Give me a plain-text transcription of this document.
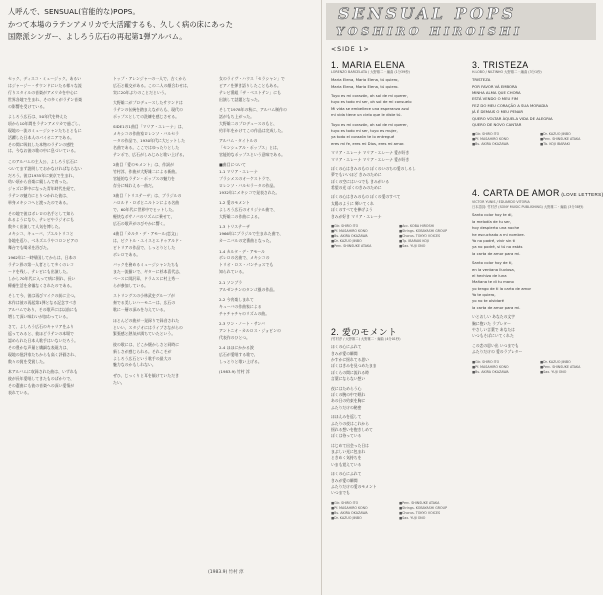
人呼んで、SENSUAL(官能的な)POPS。
かつて本場のラテンアメリカで大活躍するも、久しく病の床にあった
国際派シンガー、よしろう広石の再起第1弾アルバム。
セック、ディスコ・ミュージック。あるい
はジャージー・サウンドにいたる様々な流
行りスタイルの音楽がアメリカを中心に
世界各地で生まれ、その多くがラテン音楽
の影響を受けている。
よしろう広石は、50年代を終えた
頃から10年間をラテンアメリカで過ごし、
現地の一流のミュージシャンたちとともに
活躍した日本人のパイオニアである。
その間に吸収した本物のラテンの感性
は、今なお彼の歌の中に息づいている。
このアルバムの主人公、よしろう広石に
ついてまず説明しておかなければならない
だろう。彼は1935年に東京で生まれ、
幼い頃から音楽に親しんで育った。
ジャズに夢中になった青年時代を経て、
ラテンの魅力にとりつかれた彼は、
単身メキシコへと渡ったのである。
その地で彼はボレロの名手として知ら
れるようになり、テレビやラジオにも
数多く出演して人気を博した。
メキシコ、キューバ、プエルトリコと
各地を巡り、ベネズエラやコロンビアの
舞台でも喝采を浴びた。
1962年に一時帰国してからは、日本の
ラテン界の第一人者として多くのレコ
ードを残し、テレビにも出演した。
しかし70年代に入って病に倒れ、長い
療養生活を余儀なくされたのである。
そして今、彼は再びマイクの前に立つ。
本作は彼の再起第1弾となる記念すべき
アルバムであり、その歌声には以前にも
増して深い味わいが加わっている。
さて、よしろう広石のキャリアをふり
返ってみると、彼ほどラテンの本場で
認められた日本人歌手はいないだろう。
その豊かな声量と繊細な表現力は、
現地の批評家たちからも高く評価され、
数々の賞を受賞した。
本アルバムに収録された曲は、いずれも
彼が長年愛唱してきたものばかりで、
その選曲にも彼の音楽への深い愛情が
表れている。
トップ・アレンジャーの一人で、古くから
広石と親交がある。この二人の顔合わせは、
実に20年ぶりのことだという。
大野雄二がプロデュースしたサウンドは
ラテンの伝統を踏まえながらも、現代の
ポップスとしての洗練を感じさせる。
SIDE1の1曲目「マリア・エレーナ」は、
メキシコの作曲家ロレンソ・バルセラ
ータの作品で、1930年代に大ヒットした
名曲である。ここではゆったりとした
テンポで、広石がしみじみと歌い上げる。
2曲目「愛のモメント」は、作詞が
竹村淳、作曲が大野雄二による新曲。
官能的なラテン・ポップスの魅力を
存分に味わえる一曲だ。
3曲目「トリステーザ」は、ブラジルの
ハロルド・ロボとニルトンによる名曲
で、60年代に世界中でヒットした。
軽快なボサノバのリズムに乗せて、
広石の歌声がのびやかに響く。
4曲目「カルタ・デ・アモール(恋文)」
は、ビクトル・ユイスとエドゥアルド・
ビトリアの作品で、しっとりとした
ボレロである。
バックを務めるミュージシャンたちも
また一流揃いで、ギターに杉本喜代志、
ベースに岡沢章、ドラムスに村上秀一
らが参加している。
ストリングスの小林武史グループが
奏でる美しいハーモニーは、広石の
歌に一層の深みを与えている。
ほとんどの曲が一発録りで録音された
といい、スタジオにはライブさながらの
緊張感と熱気が満ちていたという。
彼の歌には、どこか懐かしさと同時に
新しさが感じられる。それこそが
よしろう広石という歌手の最大の
魅力なのかもしれない。
ぜひ、じっくりと耳を傾けていただき
たい。
女のライヴ・ハウス「セラシャン」で
ピアノを弾き語りしたこともある。
テレビ番組「ザ・ベストテン」にも
出演して話題となった。
そして1978年の秋に、アルバム制作の
話がもち上がった。
大野雄二のプロデュースのもと、
約半年をかけてこの作品は完成した。
アルバム・タイトルの
「センシュアル・ポップス」とは、
官能的なポップスという意味である。
■曲目について
1-1 マリア・エレーナ
プラシメスのオーケストラで、
ロレンソ・バルセラータの作品。
1932年にメキシコで発表された。
1-2 愛のモメント
よしろう広石のオリジナル曲で、
大野雄二の作曲による。
1-3 トリステーザ
1966年にブラジルで生まれた曲で、
カーニバルの定番曲となった。
1-4 カルタ・デ・アモール
ボレロの名曲で、メキシコの
トリオ・ロス・パンチョスでも
知られている。
2-1 ソンブラ
アルゼンチンのタンゴ風の作品。
2-2 今宵楽しまれて
キューバの作曲家による
チャチャチャのリズムの曲。
2-3 ワン・ノート・サンバ
アントニオ・カルロス・ジョビンの
代表作のひとつ。
2-4 ほほにかかる涙
広石が愛唱する歌で、
しっとりと歌い上げる。
(1983.9) 竹村 淳
(1983.9) 竹村 淳
SENSUAL POPS
YOSHIRO HIROISHI
<SIDE 1>
1. MARIA ELENA
LORENZO BARCELATA / 大野雄二・編曲 (1分39秒)
Maria Elena, Maria Elena, tú quiero,
Maria Elena, Maria Elena, tú quiero.
Tuyo es mi corazón, oh sol de mi querer,
tuyo es todo mi ser, oh sol de mi consuelo
Mi vida se embellece una esperanza azul
mi vida tiene un cielo que le diste tú.
Tuyo es mi corazón, oh sol de mi querer,
tuyo es todo mi ser, tuyo es mujer,
ya todo el corazón te lo entregué
eres mi fe, eres mi Dios, eres mi amor.
マリア・エレーナ マリア・エレーナ 愛が好き
マリア・エレーナ マリア・エレーナ 愛が好き
ぼくの心はきみのもの ぼくのいのちの愛のしるし
夢でもいいほど きみのために
ぼくの空にはいつでも きみがいる
希望の光 ぼくのきみのために
ぼくの心はきみのもの ぼくの愛のすべて
太陽のように 輝いてくれ
ぼくのすべてを捧げよう
きみが好き マリア・エレーナ
■Gtr. SHIRO ITO
■Pf. MASAHIRO KONO
■Bs. AKIRA OKAZAWA
■Dr. KAZUO JINBO
■Perc. SHINSUKE ATAKA
■Acc. KOBA HIROSHI
■Strings. KOBAYASHI GROUP
■Chorus. TOKYO VOICES
■Tp. IBARAKI KOJI
■Sax. YUJI ONO
2. 愛のモメント
(竹村淳 / 大野雄二) 大野雄二・編曲 (4分01秒)
ほくの心にふれて
きみが愛の瞬間
かすかに揺れてる思い
ぼくはきみを見つめたまま
ぼくらの間に流れる時
言葉にならない想い
夜にはためらう心
ぼくの腕の中で眠れ
あの日の約束を胸に
ふたりだけの秘密
ほほえみを返して
ふたりの夜はこれから
揺れる想いを抱きしめて
ぼくは待っている
はじめて出会った日は
まぶしい光に包まれ
ときめく気持ちを
いまも覚えている
ほくの心にふれて
きみが愛の瞬間
ふたりだけの愛のモメント
いつまでも
■Gtr. SHIRO ITO
■Pf. MASAHIRO KONO
■Bs. AKIRA OKAZAWA
■Dr. KAZUO JINBO
■Perc. SHINSUKE ATAKA
■Strings. KOBAYASHI GROUP
■Chorus. TOKYO VOICES
■Sax. YUJI ONO
3. TRISTEZA
H.LOBO / NILTINHO 大野雄二・編曲 (3分1秒)
TRISTEZA
POR FAVOR VÁ EMBORA
MINHA ALMA QUE CHORA
ESTÁ VENDO O MEU FIM
FEZ DO MEU CORAÇÃO A SUA MORADIA
JÁ É DEMAIS O MEU PENAR
QUERO VOLTAR ÀQUELA VIDA DE ALEGRIA
QUERO DE NOVO CANTAR
■Gtr. SHIRO ITO
■Pf. MASAHIRO KONO
■Bs. AKIRA OKAZAWA
■Dr. KAZUO JINBO
■Perc. SHINSUKE ATAKA
■Tb. KOJI IBARAKI
4. CARTA DE AMOR (LOVE LETTERS)
VICTOR YUNIS / EDUARDO VITORIA
日本語詞: 竹村淳 (SONY MUSIC PUBLISHING) 大野雄二・編曲 (3分38秒)
Santo color hoy te di,
la melodía de tu ser,
hoy despierto una noche
he escuchado a mi nombre.
Yo no podré, vivir sin ti
ya no podré, si tú no estás
la carta de amor para mi.
Santo color hoy de ti,
en la ventana lluviosa,
el hechizo de luna
Mañana te di tu mano
yo tengo de ti la carta de amor
Yo te quiero,
yo no te olvidaré
la carta de amor para mi.
いとおしい あなたの文字
胸に抱いた ラブレター
やさしい言葉で あなたは
いつもそばにいてくれた
この恋の思い出 いつまでも
ふたりだけの 愛のラブレター
■Gtr. SHIRO ITO
■Pf. MASAHIRO KONO
■Bs. AKIRA OKAZAWA
■Dr. KAZUO JINBO
■Perc. SHINSUKE ATAKA
■Sax. YUJI ONO
